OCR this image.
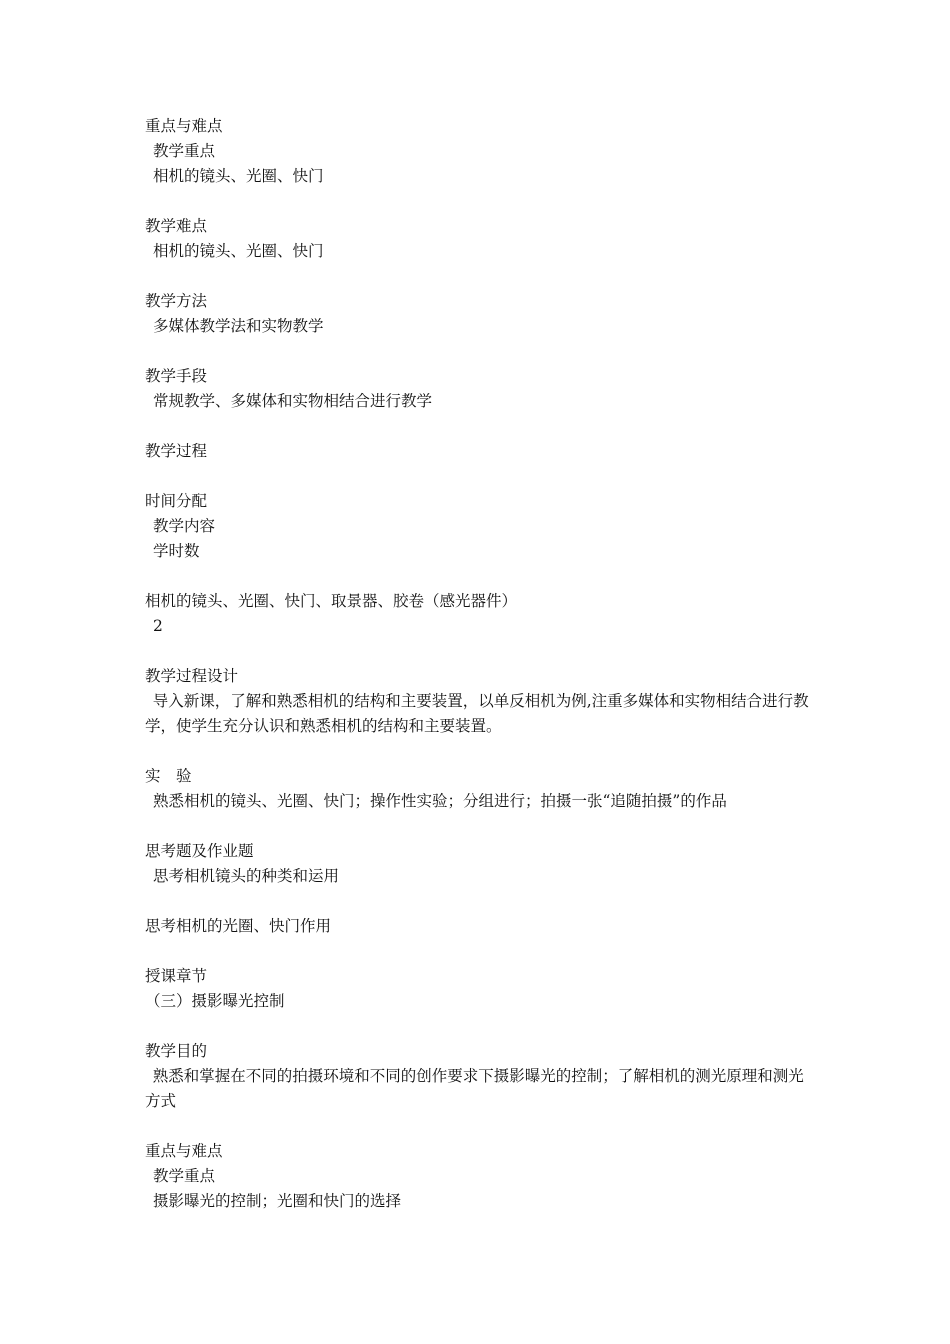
重点与难点
教学重点
相机的镜头、光圈、快门
教学难点
相机的镜头、光圈、快门
教学方法
多媒体教学法和实物教学
教学手段
常规教学、多媒体和实物相结合进行教学
教学过程
时间分配
教学内容
学时数
相机的镜头、光圈、快门、取景器、胶卷（感光器件）
2
教学过程设计
 导入新课，了解和熟悉相机的结构和主要装置，以单反相机为例,注重多媒体和实物相结合进行教学，使学生充分认识和熟悉相机的结构和主要装置。
实　验
熟悉相机的镜头、光圈、快门；操作性实验；分组进行；拍摄一张“追随拍摄”的作品
思考题及作业题
思考相机镜头的种类和运用
思考相机的光圈、快门作用
授课章节
（三）摄影曝光控制
教学目的
 熟悉和掌握在不同的拍摄环境和不同的创作要求下摄影曝光的控制；了解相机的测光原理和测光方式
重点与难点
教学重点
摄影曝光的控制；光圈和快门的选择
